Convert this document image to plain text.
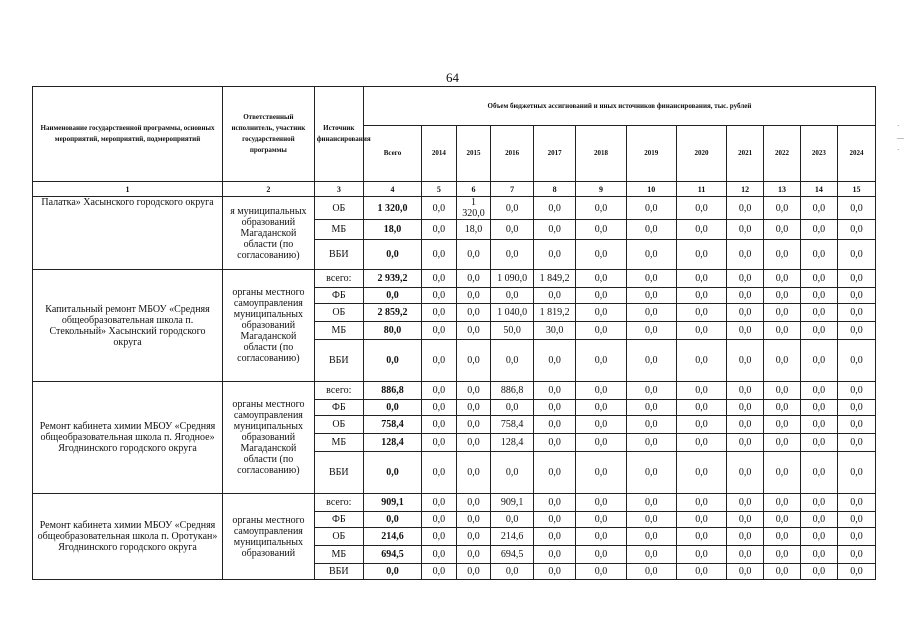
64
·
—
·
Наименование государственной программы, основных мероприятий, мероприятий, подмероприятий	Ответственный исполнитель, участник государственной программы	Источник финансирования	Объем бюджетных ассигнований и иных источников финансирования, тыс. рублей											
			Всего	2014	2015	2016	2017	2018	2019	2020	2021	2022	2023	2024
1	2	3	4	5	6	7	8	9	10	11	12	13	14	15
Палатка» Хасынского городского округа	я муниципальных образований Магаданской области (по согласованию)	ОБ	1 320,0	0,0	1 320,0	0,0	0,0	0,0	0,0	0,0	0,0	0,0	0,0	0,0
		МБ	18,0	0,0	18,0	0,0	0,0	0,0	0,0	0,0	0,0	0,0	0,0	0,0
		ВБИ	0,0	0,0	0,0	0,0	0,0	0,0	0,0	0,0	0,0	0,0	0,0	0,0
Капитальный ремонт МБОУ «Средняя общеобразовательная школа п. Стекольный» Хасынский городского округа	органы местного самоуправления муниципальных образований Магаданской области (по согласованию)	всего:	2 939,2	0,0	0,0	1 090,0	1 849,2	0,0	0,0	0,0	0,0	0,0	0,0	0,0
		ФБ	0,0	0,0	0,0	0,0	0,0	0,0	0,0	0,0	0,0	0,0	0,0	0,0
		ОБ	2 859,2	0,0	0,0	1 040,0	1 819,2	0,0	0,0	0,0	0,0	0,0	0,0	0,0
		МБ	80,0	0,0	0,0	50,0	30,0	0,0	0,0	0,0	0,0	0,0	0,0	0,0
		ВБИ	0,0	0,0	0,0	0,0	0,0	0,0	0,0	0,0	0,0	0,0	0,0	0,0
Ремонт кабинета химии МБОУ «Средняя общеобразовательная школа п. Ягодное» Ягоднинского городского округа	органы местного самоуправления муниципальных образований Магаданской области (по согласованию)	всего:	886,8	0,0	0,0	886,8	0,0	0,0	0,0	0,0	0,0	0,0	0,0	0,0
		ФБ	0,0	0,0	0,0	0,0	0,0	0,0	0,0	0,0	0,0	0,0	0,0	0,0
		ОБ	758,4	0,0	0,0	758,4	0,0	0,0	0,0	0,0	0,0	0,0	0,0	0,0
		МБ	128,4	0,0	0,0	128,4	0,0	0,0	0,0	0,0	0,0	0,0	0,0	0,0
		ВБИ	0,0	0,0	0,0	0,0	0,0	0,0	0,0	0,0	0,0	0,0	0,0	0,0
Ремонт кабинета химии МБОУ «Средняя общеобразовательная школа п. Оротукан» Ягоднинского городского округа	органы местного самоуправления муниципальных образований	всего:	909,1	0,0	0,0	909,1	0,0	0,0	0,0	0,0	0,0	0,0	0,0	0,0
		ФБ	0,0	0,0	0,0	0,0	0,0	0,0	0,0	0,0	0,0	0,0	0,0	0,0
		ОБ	214,6	0,0	0,0	214,6	0,0	0,0	0,0	0,0	0,0	0,0	0,0	0,0
		МБ	694,5	0,0	0,0	694,5	0,0	0,0	0,0	0,0	0,0	0,0	0,0	0,0
		ВБИ	0,0	0,0	0,0	0,0	0,0	0,0	0,0	0,0	0,0	0,0	0,0	0,0
